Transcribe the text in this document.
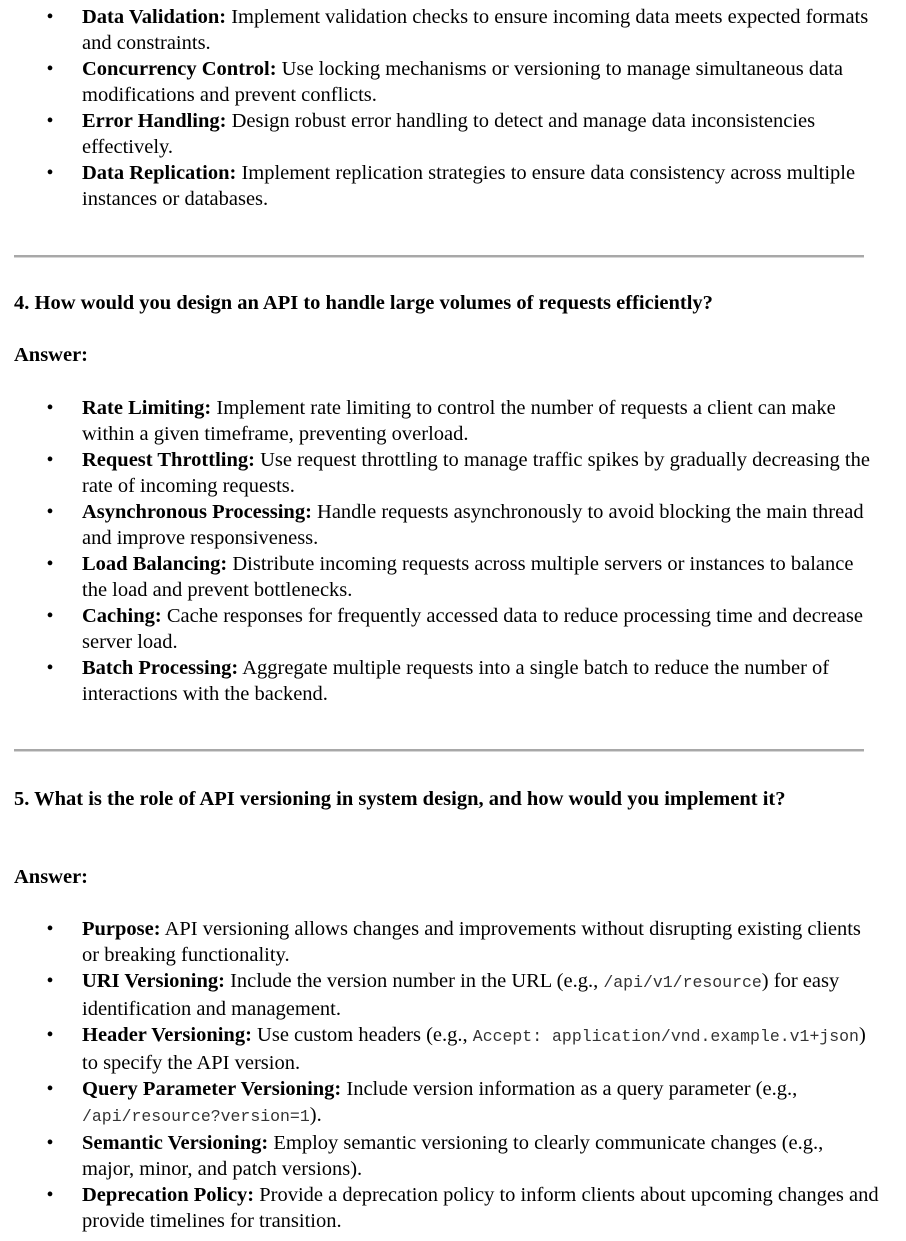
• Data Validation: Implement validation checks to ensure incoming data meets expected formats and constraints.
• Concurrency Control: Use locking mechanisms or versioning to manage simultaneous data modifications and prevent conflicts.
• Error Handling: Design robust error handling to detect and manage data inconsistencies effectively.
• Data Replication: Implement replication strategies to ensure data consistency across multiple instances or databases.

4. How would you design an API to handle large volumes of requests efficiently?

Answer:

• Rate Limiting: Implement rate limiting to control the number of requests a client can make within a given timeframe, preventing overload.
• Request Throttling: Use request throttling to manage traffic spikes by gradually decreasing the rate of incoming requests.
• Asynchronous Processing: Handle requests asynchronously to avoid blocking the main thread and improve responsiveness.
• Load Balancing: Distribute incoming requests across multiple servers or instances to balance the load and prevent bottlenecks.
• Caching: Cache responses for frequently accessed data to reduce processing time and decrease server load.
• Batch Processing: Aggregate multiple requests into a single batch to reduce the number of interactions with the backend.

5. What is the role of API versioning in system design, and how would you implement it?

Answer:

• Purpose: API versioning allows changes and improvements without disrupting existing clients or breaking functionality.
• URI Versioning: Include the version number in the URL (e.g., /api/v1/resource) for easy identification and management.
• Header Versioning: Use custom headers (e.g., Accept: application/vnd.example.v1+json) to specify the API version.
• Query Parameter Versioning: Include version information as a query parameter (e.g., /api/resource?version=1).
• Semantic Versioning: Employ semantic versioning to clearly communicate changes (e.g., major, minor, and patch versions).
• Deprecation Policy: Provide a deprecation policy to inform clients about upcoming changes and provide timelines for transition.
